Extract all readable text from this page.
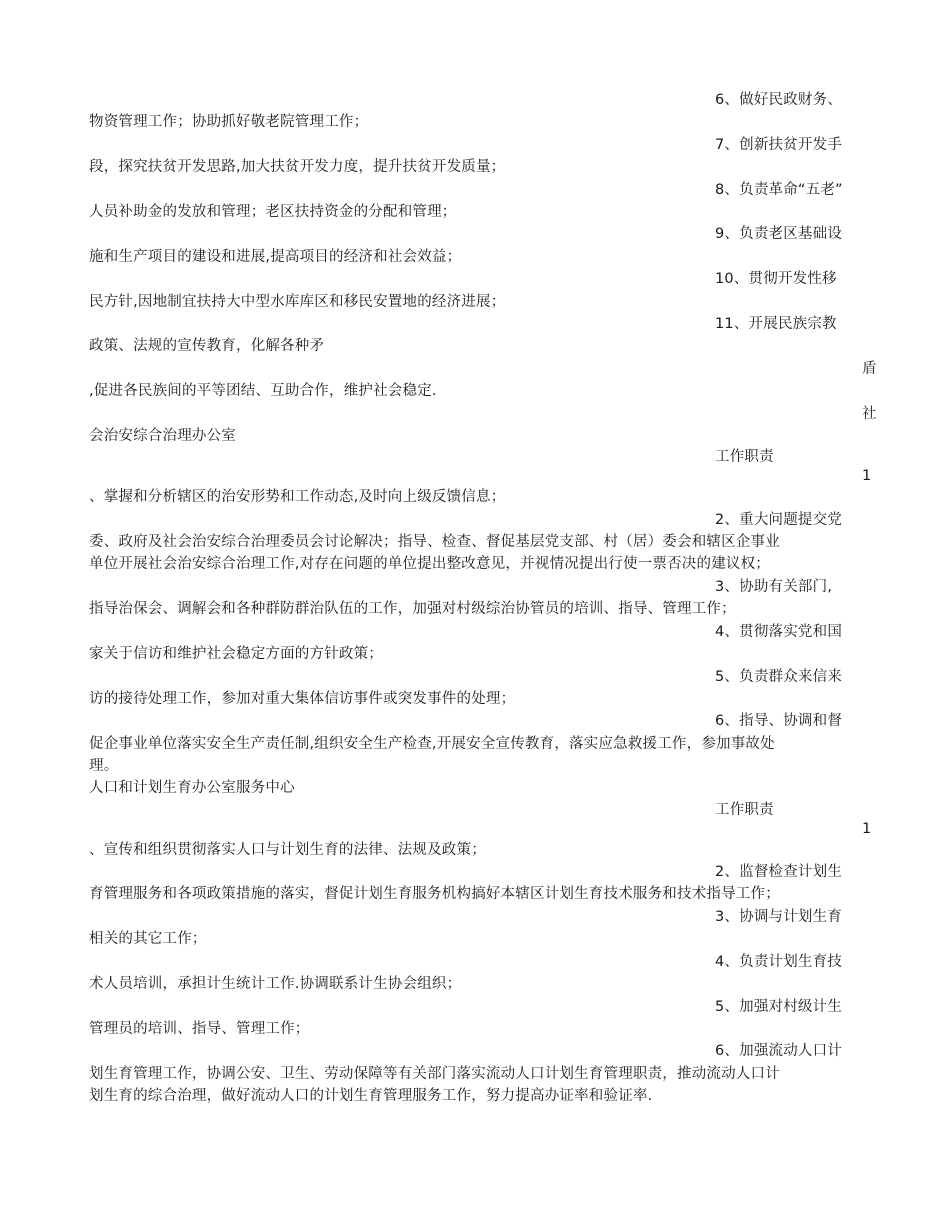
6、做好民政财务、
物资管理工作；协助抓好敬老院管理工作；
7、创新扶贫开发手
段，探究扶贫开发思路,加大扶贫开发力度，提升扶贫开发质量；
8、负责革命“五老”
人员补助金的发放和管理；老区扶持资金的分配和管理；
9、负责老区基础设
施和生产项目的建设和进展,提高项目的经济和社会效益；
10、贯彻开发性移
民方针,因地制宜扶持大中型水库库区和移民安置地的经济进展；
11、开展民族宗教
政策、法规的宣传教育，化解各种矛
盾
,促进各民族间的平等团结、互助合作，维护社会稳定.
社
会治安综合治理办公室
工作职责
1
、掌握和分析辖区的治安形势和工作动态,及时向上级反馈信息；
2、重大问题提交党
委、政府及社会治安综合治理委员会讨论解决；指导、检查、督促基层党支部、村（居）委会和辖区企事业
单位开展社会治安综合治理工作,对存在问题的单位提出整改意见，并视情况提出行使一票否决的建议权；
3、协助有关部门,
指导治保会、调解会和各种群防群治队伍的工作，加强对村级综治协管员的培训、指导、管理工作；
4、贯彻落实党和国
家关于信访和维护社会稳定方面的方针政策；
5、负责群众来信来
访的接待处理工作，参加对重大集体信访事件或突发事件的处理；
6、指导、协调和督
促企事业单位落实安全生产责任制,组织安全生产检查,开展安全宣传教育，落实应急救援工作，参加事故处
理。
人口和计划生育办公室服务中心
工作职责
1
、宣传和组织贯彻落实人口与计划生育的法律、法规及政策；
2、监督检查计划生
育管理服务和各项政策措施的落实，督促计划生育服务机构搞好本辖区计划生育技术服务和技术指导工作；
3、协调与计划生育
相关的其它工作；
4、负责计划生育技
术人员培训，承担计生统计工作.协调联系计生协会组织；
5、加强对村级计生
管理员的培训、指导、管理工作；
6、加强流动人口计
划生育管理工作，协调公安、卫生、劳动保障等有关部门落实流动人口计划生育管理职责，推动流动人口计
划生育的综合治理，做好流动人口的计划生育管理服务工作，努力提高办证率和验证率.
